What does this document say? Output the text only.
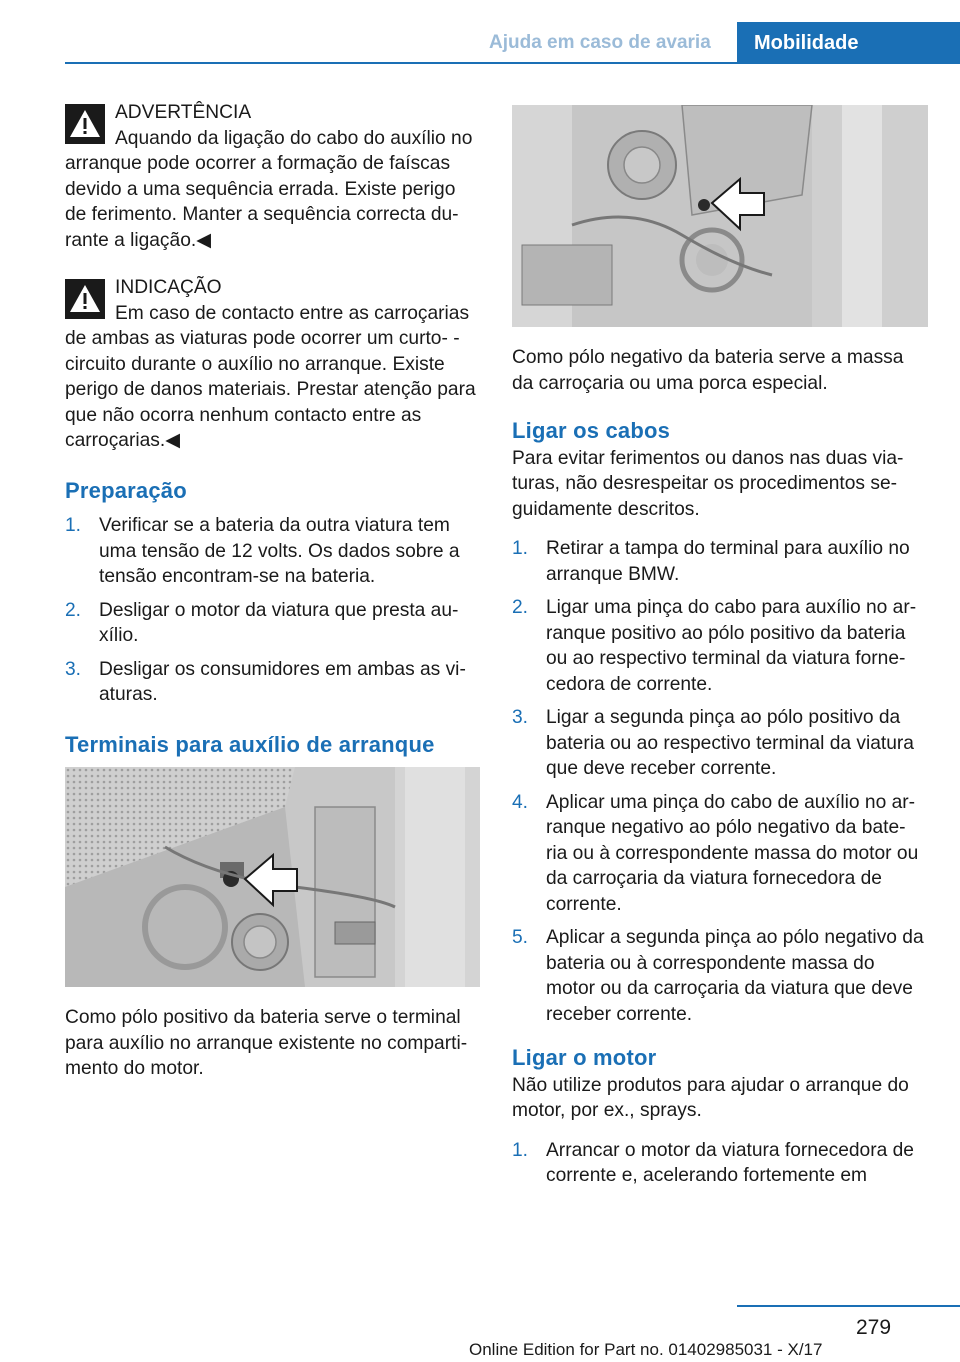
Ajuda em caso de avaria	Mobilidade
ADVERTÊNCIA
Aquando da ligação do cabo do auxílio no arranque pode ocorrer a formação de faíscas devido a uma sequência errada. Existe perigo de ferimento. Manter a sequência correcta du‐ rante a ligação.◀
INDICAÇÃO
Em caso de contacto entre as carroçarias de ambas as viaturas pode ocorrer um curto- -circuito durante o auxílio no arranque. Existe perigo de danos materiais. Prestar atenção para que não ocorra nenhum contacto entre as carroçarias.◀
Preparação
1. Verificar se a bateria da outra viatura tem uma tensão de 12 volts. Os dados sobre a tensão encontram-se na bateria.
2. Desligar o motor da viatura que presta au‐ xílio.
3. Desligar os consumidores em ambas as vi‐ aturas.
Terminais para auxílio de arranque

Como pólo positivo da bateria serve o terminal para auxílio no arranque existente no comparti‐ mento do motor.

Como pólo negativo da bateria serve a massa da carroçaria ou uma porca especial.

Ligar os cabos

Para evitar ferimentos ou danos nas duas via‐ turas, não desrespeitar os procedimentos se‐ guidamente descritos.

1. Retirar a tampa do terminal para auxílio no arranque BMW.
2. Ligar uma pinça do cabo para auxílio no ar‐ ranque positivo ao pólo positivo da bateria ou ao respectivo terminal da viatura forne‐ cedora de corrente.
3. Ligar a segunda pinça ao pólo positivo da bateria ou ao respectivo terminal da viatura que deve receber corrente.
4. Aplicar uma pinça do cabo de auxílio no ar‐ ranque negativo ao pólo negativo da bate‐ ria ou à correspondente massa do motor ou da carroçaria da viatura fornecedora de corrente.
5. Aplicar a segunda pinça ao pólo negativo da bateria ou à correspondente massa do motor ou da carroçaria da viatura que deve receber corrente.
Ligar o motor

Não utilize produtos para ajudar o arranque do motor, por ex., sprays.

1. Arrancar o motor da viatura fornecedora de corrente e, acelerando fortemente em
279
Online Edition for Part no. 01402985031 - X/17
